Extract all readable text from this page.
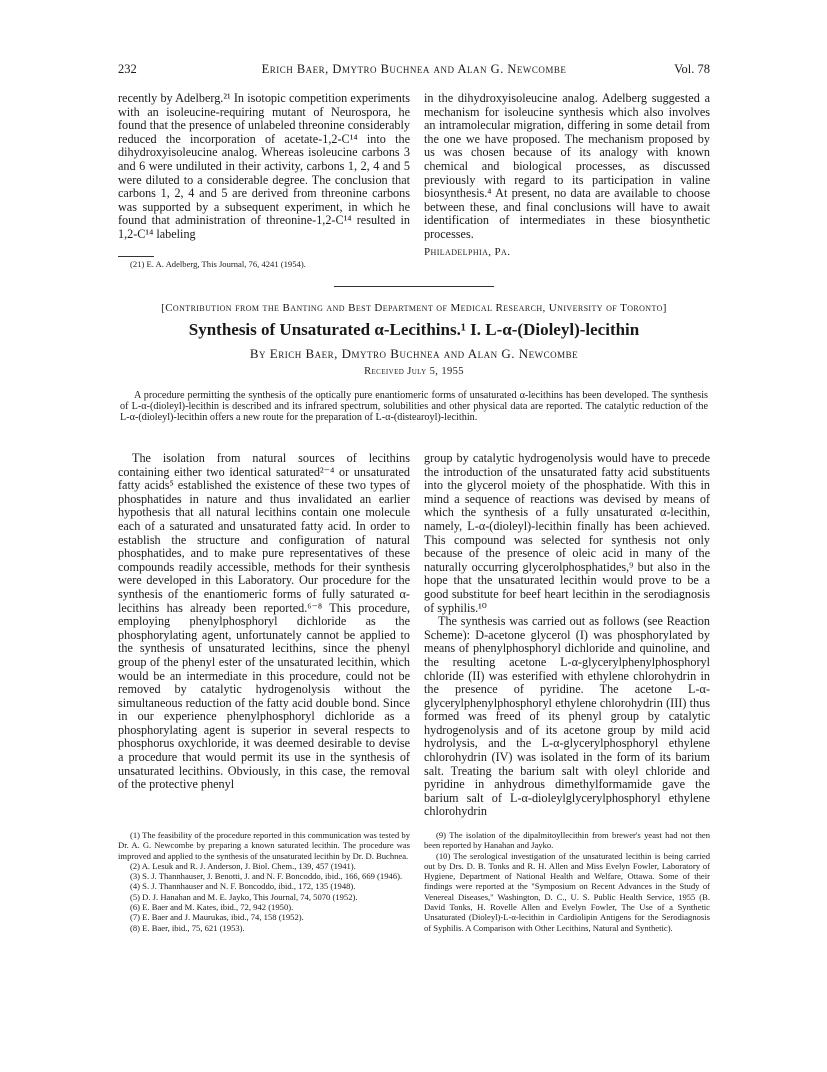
232	Erich Baer, Dmytro Buchnea and Alan G. Newcombe	Vol. 78

recently by Adelberg.²¹ In isotopic competition experiments with an isoleucine-requiring mutant of Neurospora, he found that the presence of unlabeled threonine considerably reduced the incorporation of acetate-1,2-C¹⁴ into the dihydroxyisoleucine analog. Whereas isoleucine carbons 3 and 6 were undiluted in their activity, carbons 1, 2, 4 and 5 were diluted to a considerable degree. The conclusion that carbons 1, 2, 4 and 5 are derived from threonine carbons was supported by a subsequent experiment, in which he found that administration of threonine-1,2-C¹⁴ resulted in 1,2-C¹⁴ labeling

(21) E. A. Adelberg, This Journal, 76, 4241 (1954).

in the dihydroxyisoleucine analog. Adelberg suggested a mechanism for isoleucine synthesis which also involves an intramolecular migration, differing in some detail from the one we have proposed. The mechanism proposed by us was chosen because of its analogy with known chemical and biological processes, as discussed previously with regard to its participation in valine biosynthesis.⁴ At present, no data are available to choose between these, and final conclusions will have to await identification of intermediates in these biosynthetic processes.

Philadelphia, Pa.

[Contribution from the Banting and Best Department of Medical Research, University of Toronto]
Synthesis of Unsaturated α-Lecithins.¹ I. L-α-(Dioleyl)-lecithin
By Erich Baer, Dmytro Buchnea and Alan G. Newcombe
Received July 5, 1955

A procedure permitting the synthesis of the optically pure enantiomeric forms of unsaturated α-lecithins has been developed. The synthesis of L-α-(dioleyl)-lecithin is described and its infrared spectrum, solubilities and other physical data are reported. The catalytic reduction of the L-α-(dioleyl)-lecithin offers a new route for the preparation of L-α-(distearoyl)-lecithin.

The isolation from natural sources of lecithins containing either two identical saturated²⁻⁴ or unsaturated fatty acids⁵ established the existence of these two types of phosphatides in nature and thus invalidated an earlier hypothesis that all natural lecithins contain one molecule each of a saturated and unsaturated fatty acid. In order to establish the structure and configuration of natural phosphatides, and to make pure representatives of these compounds readily accessible, methods for their synthesis were developed in this Laboratory. Our procedure for the synthesis of the enantiomeric forms of fully saturated α-lecithins has already been reported.⁶⁻⁸ This procedure, employing phenylphosphoryl dichloride as the phosphorylating agent, unfortunately cannot be applied to the synthesis of unsaturated lecithins, since the phenyl group of the phenyl ester of the unsaturated lecithin, which would be an intermediate in this procedure, could not be removed by catalytic hydrogenolysis without the simultaneous reduction of the fatty acid double bond. Since in our experience phenylphosphoryl dichloride as a phosphorylating agent is superior in several respects to phosphorus oxychloride, it was deemed desirable to devise a procedure that would permit its use in the synthesis of unsaturated lecithins. Obviously, in this case, the removal of the protective phenyl

group by catalytic hydrogenolysis would have to precede the introduction of the unsaturated fatty acid substituents into the glycerol moiety of the phosphatide. With this in mind a sequence of reactions was devised by means of which the synthesis of a fully unsaturated α-lecithin, namely, L-α-(dioleyl)-lecithin finally has been achieved. This compound was selected for synthesis not only because of the presence of oleic acid in many of the naturally occurring glycerolphosphatides,⁹ but also in the hope that the unsaturated lecithin would prove to be a good substitute for beef heart lecithin in the serodiagnosis of syphilis.¹⁰

The synthesis was carried out as follows (see Reaction Scheme): D-acetone glycerol (I) was phosphorylated by means of phenylphosphoryl dichloride and quinoline, and the resulting acetone L-α-glycerylphenylphosphoryl chloride (II) was esterified with ethylene chlorohydrin in the presence of pyridine. The acetone L-α-glycerylphenylphosphoryl ethylene chlorohydrin (III) thus formed was freed of its phenyl group by catalytic hydrogenolysis and of its acetone group by mild acid hydrolysis, and the L-α-glycerylphosphoryl ethylene chlorohydrin (IV) was isolated in the form of its barium salt. Treating the barium salt with oleyl chloride and pyridine in anhydrous dimethylformamide gave the barium salt of L-α-dioleylglycerylphosphoryl ethylene chlorohydrin

(1) The feasibility of the procedure reported in this communication was tested by Dr. A. G. Newcombe by preparing a known saturated lecithin. The procedure was improved and applied to the synthesis of the unsaturated lecithin by Dr. D. Buchnea.

(2) A. Lesuk and R. J. Anderson, J. Biol. Chem., 139, 457 (1941).

(3) S. J. Thannhauser, J. Benotti, J. and N. F. Boncoddo, ibid., 166, 669 (1946).

(4) S. J. Thannhauser and N. F. Boncoddo, ibid., 172, 135 (1948).

(5) D. J. Hanahan and M. E. Jayko, This Journal, 74, 5070 (1952).

(6) E. Baer and M. Kates, ibid., 72, 942 (1950).

(7) E. Baer and J. Maurukas, ibid., 74, 158 (1952).

(8) E. Baer, ibid., 75, 621 (1953).

(9) The isolation of the dipalmitoyllecithin from brewer's yeast had not then been reported by Hanahan and Jayko.

(10) The serological investigation of the unsaturated lecithin is being carried out by Drs. D. B. Tonks and R. H. Allen and Miss Evelyn Fowler, Laboratory of Hygiene, Department of National Health and Welfare, Ottawa. Some of their findings were reported at the "Symposium on Recent Advances in the Study of Venereal Diseases," Washington, D. C., U. S. Public Health Service, 1955 (B. David Tonks, H. Rovelle Allen and Evelyn Fowler, The Use of a Synthetic Unsaturated (Dioleyl)-L-α-lecithin in Cardiolipin Antigens for the Serodiagnosis of Syphilis. A Comparison with Other Lecithins, Natural and Synthetic).
